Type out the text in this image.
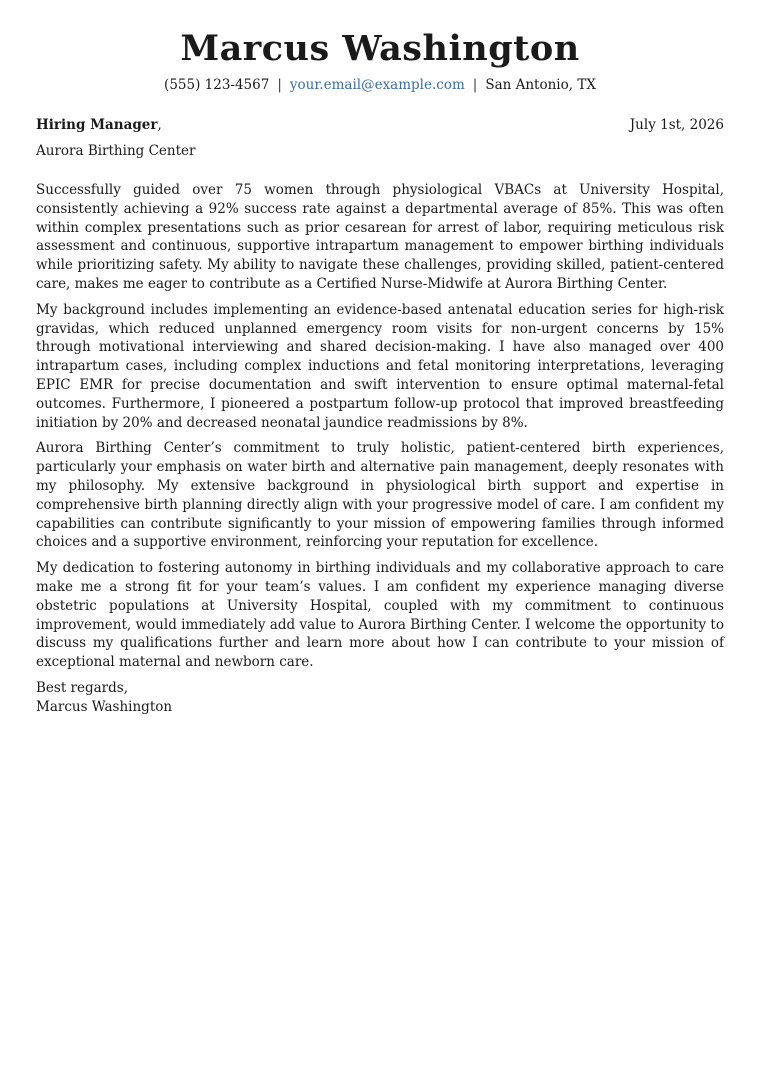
Marcus Washington
(555) 123-4567 | your.email@example.com | San Antonio, TX
Hiring Manager,	July 1st, 2026
Aurora Birthing Center

Successfully guided over 75 women through physiological VBACs at University Hospital, consistently achieving a 92% success rate against a departmental average of 85%. This was often within complex presentations such as prior cesarean for arrest of labor, requiring meticulous risk assessment and continuous, supportive intrapartum management to empower birthing individuals while prioritizing safety. My ability to navigate these challenges, providing skilled, patient-centered care, makes me eager to contribute as a Certified Nurse-Midwife at Aurora Birthing Center.

My background includes implementing an evidence-based antenatal education series for high-risk gravidas, which reduced unplanned emergency room visits for non-urgent concerns by 15% through motivational interviewing and shared decision-making. I have also managed over 400 intrapartum cases, including complex inductions and fetal monitoring interpretations, leveraging EPIC EMR for precise documentation and swift intervention to ensure optimal maternal-fetal outcomes. Furthermore, I pioneered a postpartum follow-up protocol that improved breastfeeding initiation by 20% and decreased neonatal jaundice readmissions by 8%.

Aurora Birthing Center’s commitment to truly holistic, patient-centered birth experiences, particularly your emphasis on water birth and alternative pain management, deeply resonates with my philosophy. My extensive background in physiological birth support and expertise in comprehensive birth planning directly align with your progressive model of care. I am confident my capabilities can contribute significantly to your mission of empowering families through informed choices and a supportive environment, reinforcing your reputation for excellence.

My dedication to fostering autonomy in birthing individuals and my collaborative approach to care make me a strong fit for your team’s values. I am confident my experience managing diverse obstetric populations at University Hospital, coupled with my commitment to continuous improvement, would immediately add value to Aurora Birthing Center. I welcome the opportunity to discuss my qualifications further and learn more about how I can contribute to your mission of exceptional maternal and newborn care.

Best regards,
Marcus Washington
